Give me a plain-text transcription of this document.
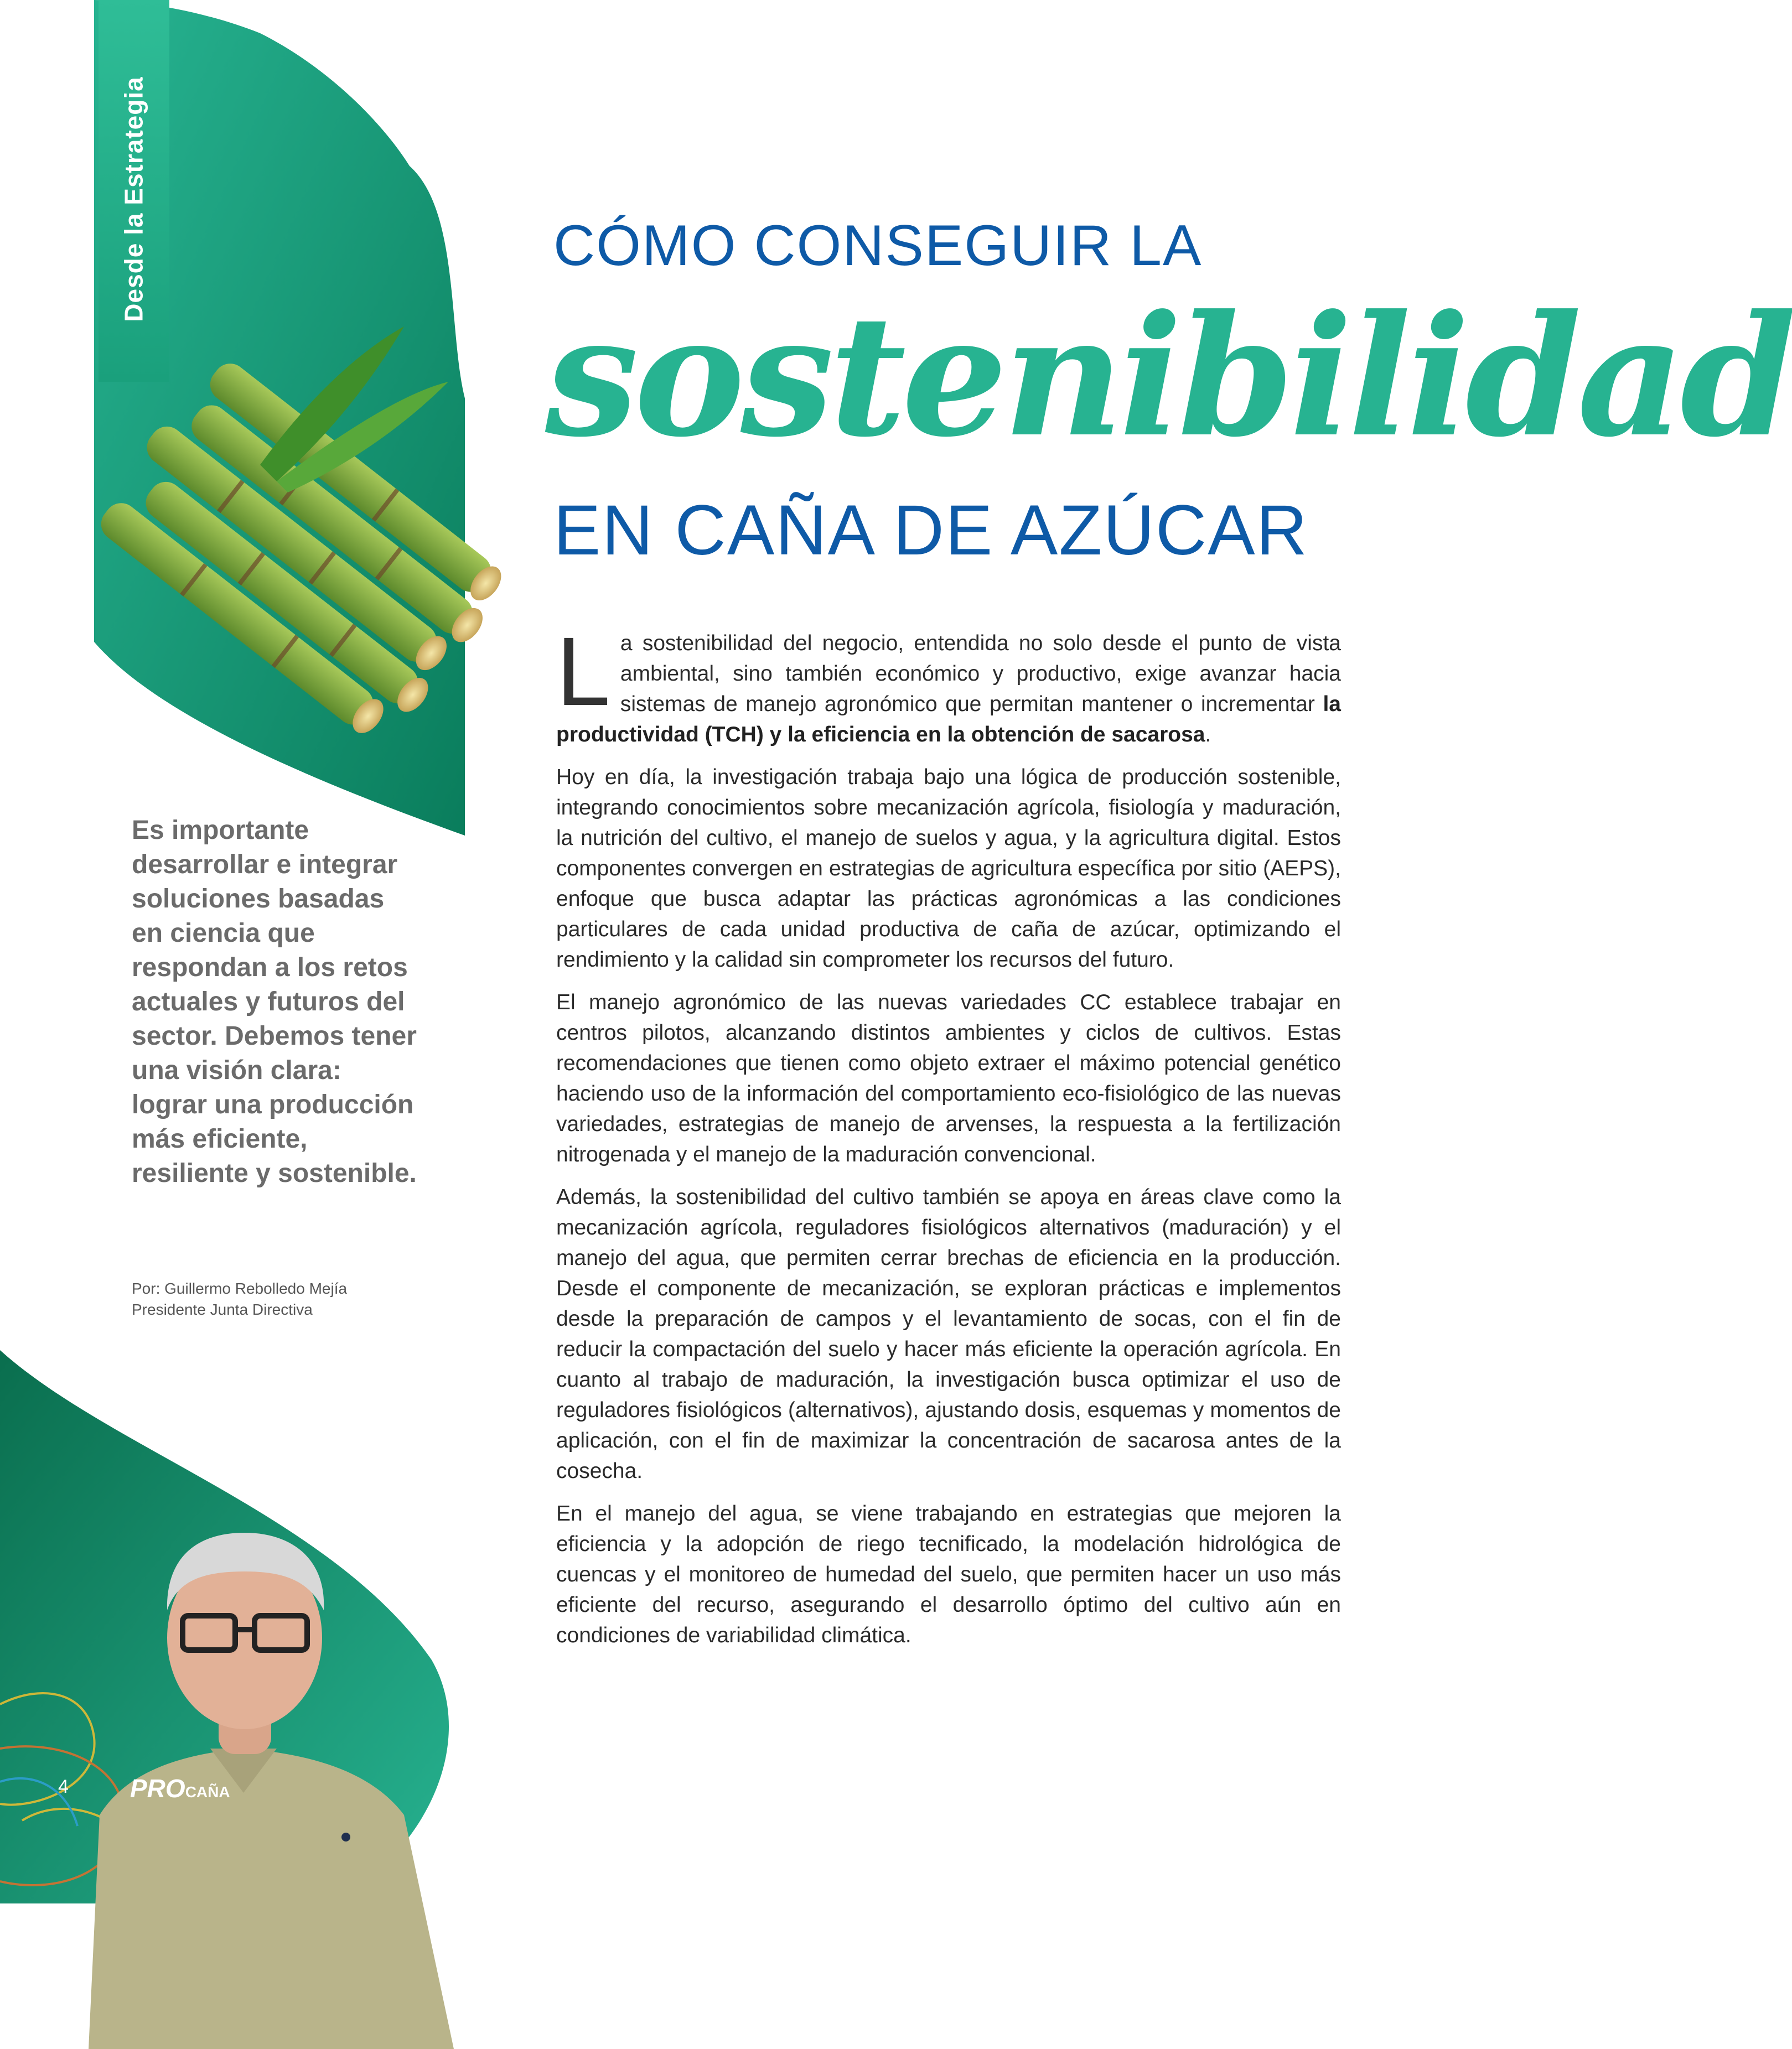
Desde la Estrategia	CÓMO CONSEGUIR LA
sostenibilidad
EN CAÑA DE AZÚCAR

La sostenibilidad del negocio, entendida no solo desde el punto de vista ambiental, sino también económico y productivo, exige avanzar hacia sistemas de manejo agronómico que permitan mantener o incrementar la productividad (TCH) y la eficiencia en la obtención de sacarosa.

Hoy en día, la investigación trabaja bajo una lógica de producción sostenible, integrando conocimientos sobre mecanización agrícola, fisiología y maduración, la nutrición del cultivo, el manejo de suelos y agua, y la agricultura digital. Estos componentes convergen en estrategias de agricultura específica por sitio (AEPS), enfoque que busca adaptar las prácticas agronómicas a las condiciones particulares de cada unidad productiva de caña de azúcar, optimizando el rendimiento y la calidad sin comprometer los recursos del futuro.

El manejo agronómico de las nuevas variedades CC establece trabajar en centros pilotos, alcanzando distintos ambientes y ciclos de cultivos. Estas recomendaciones que tienen como objeto extraer el máximo potencial genético haciendo uso de la información del comportamiento eco-fisiológico de las nuevas variedades, estrategias de manejo de arvenses, la respuesta a la fertilización nitrogenada y el manejo de la maduración convencional.

Además, la sostenibilidad del cultivo también se apoya en áreas clave como la mecanización agrícola, reguladores fisiológicos alternativos (maduración) y el manejo del agua, que permiten cerrar brechas de eficiencia en la producción. Desde el componente de mecanización, se exploran prácticas e implementos desde la preparación de campos y el levantamiento de socas, con el fin de reducir la compactación del suelo y hacer más eficiente la operación agrícola. En cuanto al trabajo de maduración, la investigación busca optimizar el uso de reguladores fisiológicos (alternativos), ajustando dosis, esquemas y momentos de aplicación, con el fin de maximizar la concentración de sacarosa antes de la cosecha.

En el manejo del agua, se viene trabajando en estrategias que mejoren la eficiencia y la adopción de riego tecnificado, la modelación hidrológica de cuencas y el monitoreo de humedad del suelo, que permiten hacer un uso más eficiente del recurso, asegurando el desarrollo óptimo del cultivo aún en condiciones de variabilidad climática.

Es importante desarrollar e integrar soluciones basadas en ciencia que respondan a los retos actuales y futuros del sector. Debemos tener una visión clara: lograr una producción más eficiente, resiliente y sostenible.
Por: Guillermo Rebolledo Mejía
Presidente Junta Directiva
4 PROCAÑA
